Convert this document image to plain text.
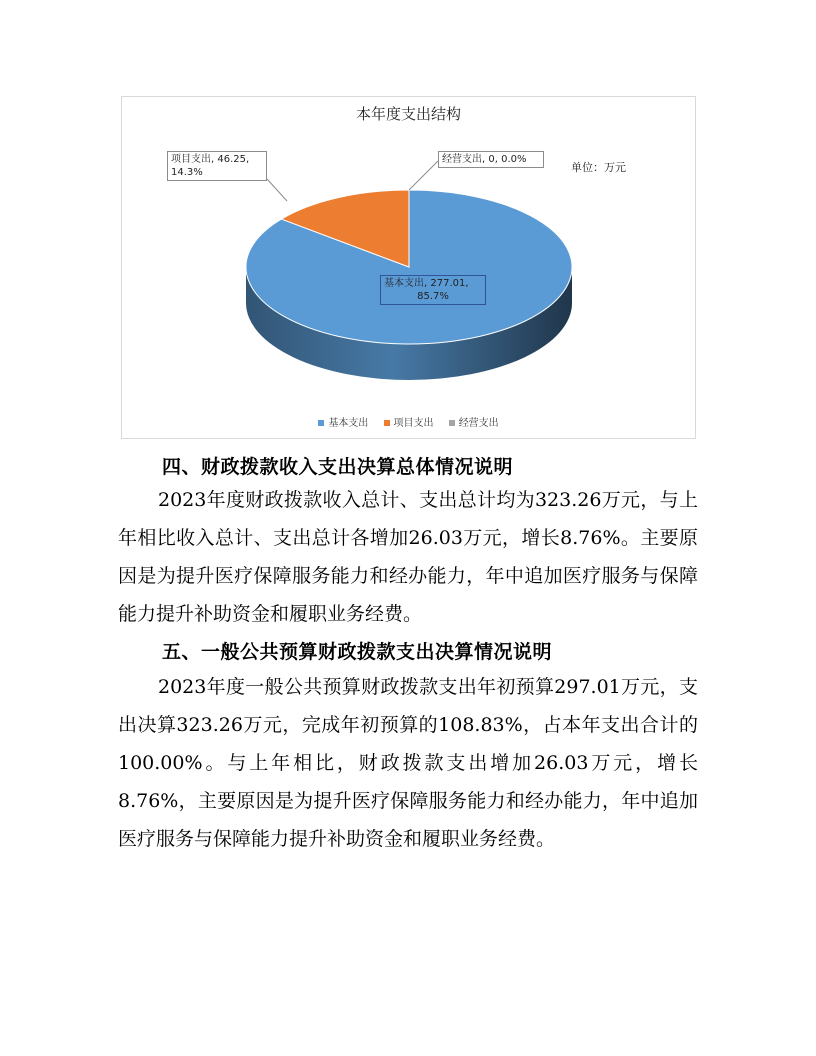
本年度支出结构
单位：万元
项目支出, 46.25,
14.3%
经营支出, 0, 0.0%
基本支出, 277.01,
85.7%
基本支出	项目支出	经营支出
四、财政拨款收入支出决算总体情况说明

2023年度财政拨款收入总计、支出总计均为323.26万元，与上年相比收入总计、支出总计各增加26.03万元，增长8.76%。主要原因是为提升医疗保障服务能力和经办能力，年中追加医疗服务与保障能力提升补助资金和履职业务经费。

五、一般公共预算财政拨款支出决算情况说明

2023年度一般公共预算财政拨款支出年初预算297.01万元，支出决算323.26万元，完成年初预算的108.83%，占本年支出合计的100.00%。与上年相比，财政拨款支出增加26.03万元，增长8.76%，主要原因是为提升医疗保障服务能力和经办能力，年中追加医疗服务与保障能力提升补助资金和履职业务经费。
